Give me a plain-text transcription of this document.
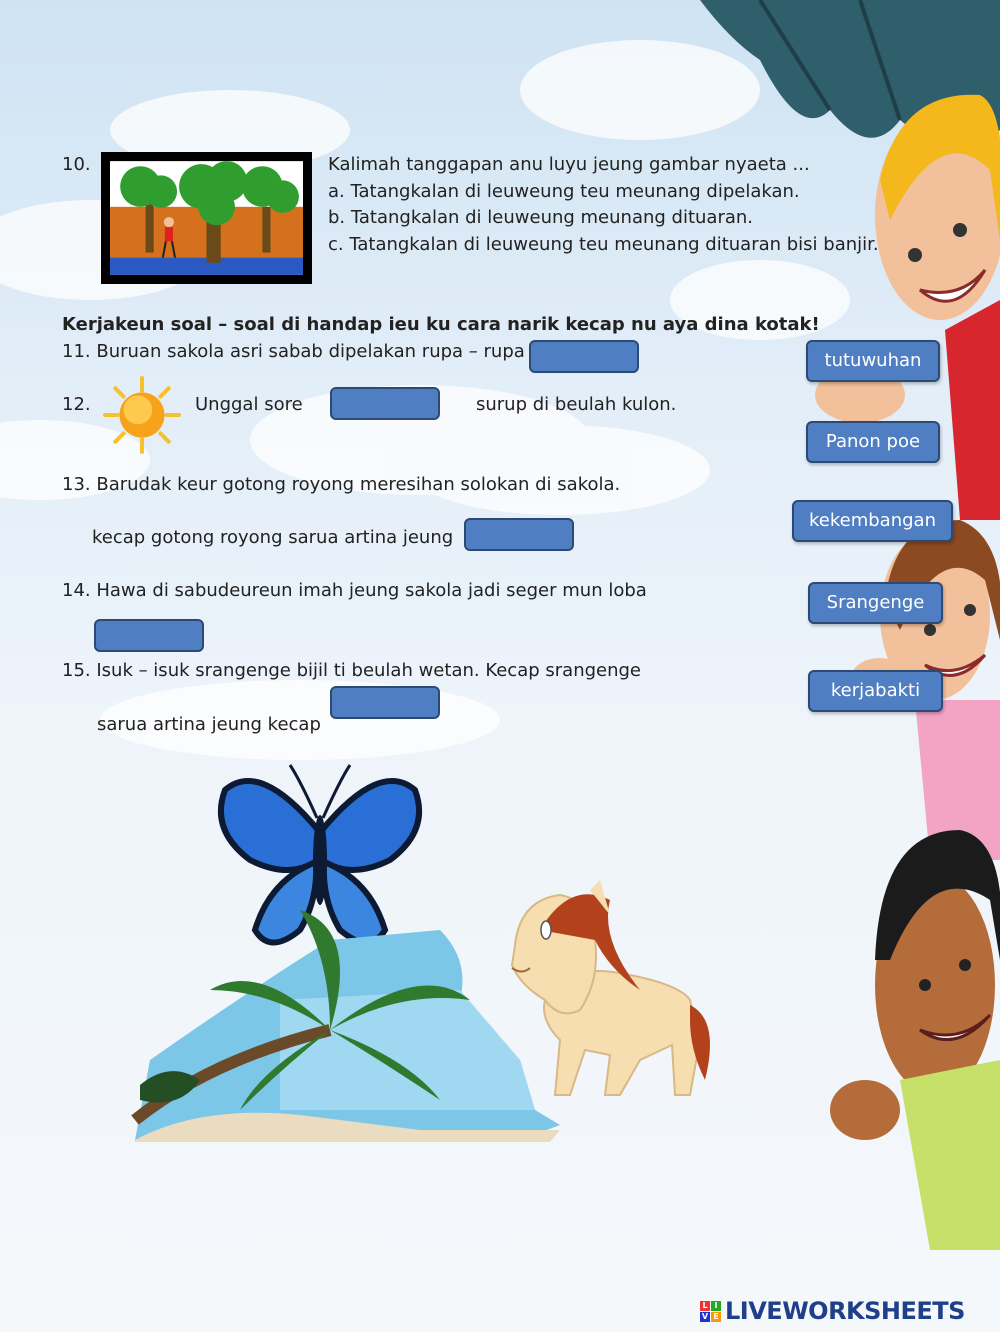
10.	Kalimah tanggapan anu luyu jeung gambar nyaeta ...
a. Tatangkalan di leuweung teu meunang dipelakan.
b. Tatangkalan di leuweung meunang dituaran.
c. Tatangkalan di leuweung teu meunang dituaran bisi banjir.
Kerjakeun soal – soal di handap ieu ku cara narik kecap nu aya dina kotak!
11. Buruan sakola asri sabab dipelakan rupa – rupa
12.	Unggal sore	surup di beulah kulon.
13. Barudak keur gotong royong meresihan solokan di sakola.
kecap gotong royong sarua artina jeung
14. Hawa di sabudeureun imah jeung sakola jadi seger mun loba
15. Isuk – isuk srangenge bijil ti beulah wetan. Kecap srangenge
sarua artina jeung kecap
tutuwuhan
Panon poe
kekembangan
Srangenge
kerjabakti
L I
V E LIVEWORKSHEETS
